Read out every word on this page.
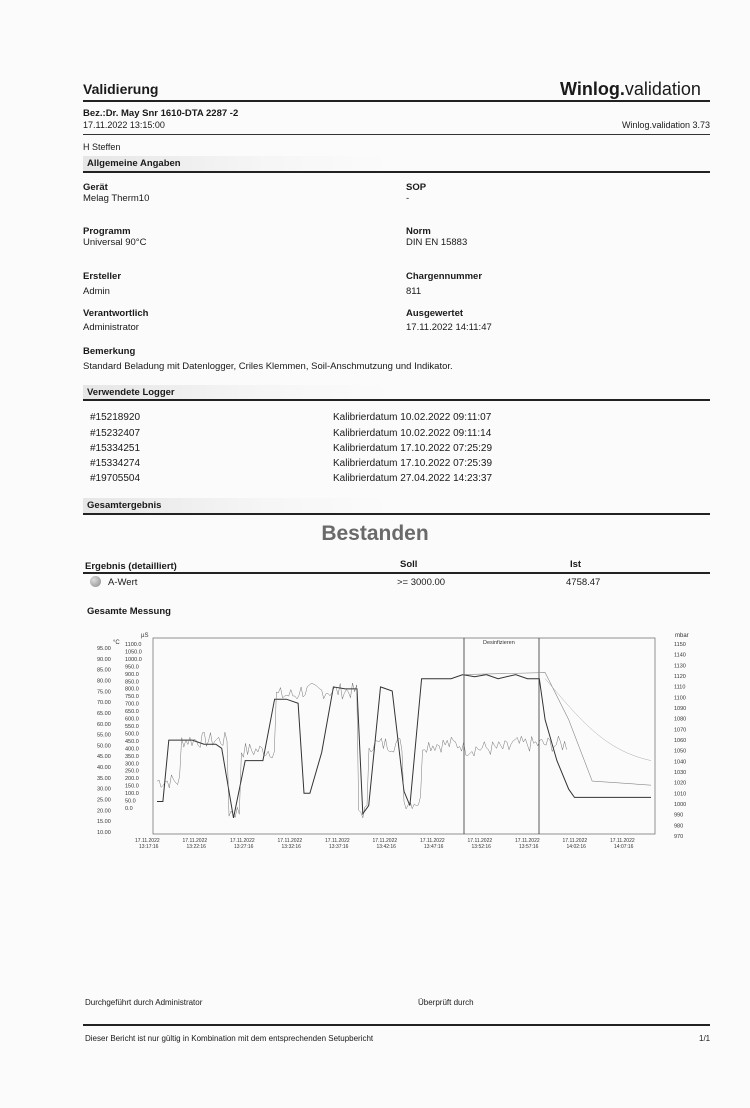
Validierung	Winlog.validation
Bez.:Dr. May Snr 1610-DTA 2287 -2
17.11.2022 13:15:00	Winlog.validation 3.73
H Steffen
Allgemeine Angaben
Gerät
Melag Therm10
SOP
-
Programm
Universal 90°C
Norm
DIN EN 15883
Ersteller
Admin
Chargennummer
811
Verantwortlich
Administrator
Ausgewertet
17.11.2022 14:11:47
Bemerkung
Standard Beladung mit Datenlogger, Criles Klemmen, Soil-Anschmutzung und Indikator.
Verwendete Logger
#15218920	Kalibrierdatum 10.02.2022 09:11:07
#15232407	Kalibrierdatum 10.02.2022 09:11:14
#15334251	Kalibrierdatum 17.10.2022 07:25:29
#15334274	Kalibrierdatum 17.10.2022 07:25:39
#19705504	Kalibrierdatum 27.04.2022 14:23:37
Gesamtergebnis
Bestanden
Ergebnis (detailliert)	Soll	Ist
A-Wert	>= 3000.00	4758.47
Gesamte Messung
°C
95.00
90.00
85.00
80.00
75.00
70.00
65.00
60.00
55.00
50.00
45.00
40.00
35.00
30.00
25.00
20.00
15.00
10.00
µS
1100.0
1050.0
1000.0
950.0
900.0
850.0
800.0
750.0
700.0
650.0
600.0
550.0
500.0
450.0
400.0
350.0
300.0
250.0
200.0
150.0
100.0
50.0
0.0
mbar
1150
1140
1130
1120
1110
1100
1090
1080
1070
1060
1050
1040
1030
1020
1010
1000
990
980
970
17.11.2022
13:17:16
17.11.2022
13:22:16
17.11.2022
13:27:16
17.11.2022
13:32:16
17.11.2022
13:37:16
17.11.2022
13:42:16
17.11.2022
13:47:16
17.11.2022
13:52:16
17.11.2022
13:57:16
17.11.2022
14:02:16
17.11.2022
14:07:16
Desinfizieren
Durchgeführt durch Administrator	Überprüft durch
Dieser Bericht ist nur gültig in Kombination mit dem entsprechenden Setupbericht	1/1
